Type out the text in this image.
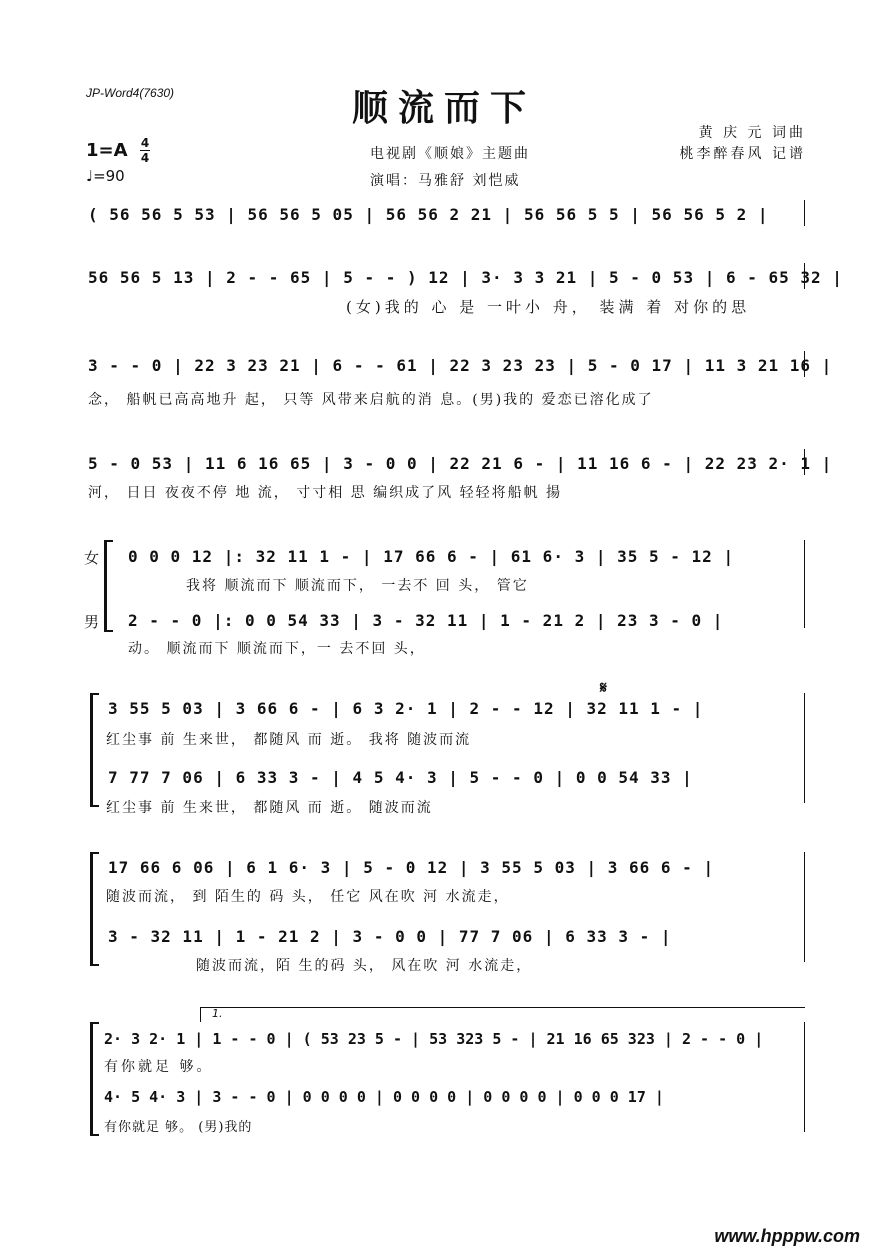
JP-Word4(7630)	顺流而下
黄 庆 元 词曲
桃李醉春风 记谱
电视剧《顺娘》主题曲
演唱：马雅舒 刘恺威
1=A 4
4
♩=90
( 56 56 5 53 | 56 56 5 05 | 56 56 2 21 | 56 56 5 5 | 56 56 5 2 |
56 56 5 13 | 2 - - 65 | 5 - - ) 12 | 3· 3 3 21 | 5 - 0 53 | 6 - 65 32 |
(女)我的 心 是 一叶小 舟， 装满 着 对你的思
3 - - 0 | 22 3 23 21 | 6 - - 61 | 22 3 23 23 | 5 - 0 17 | 11 3 21 16 |
念， 船帆已高高地升 起， 只等 风带来启航的消 息。(男)我的 爱恋已溶化成了
5 - 0 53 | 11 6 16 65 | 3 - 0 0 | 22 21 6 - | 11 16 6 - | 22 23 2· 1 |
河， 日日 夜夜不停 地 流， 寸寸相 思 编织成了风 轻轻将船帆 揚
女
男
0 0 0 12 |: 32 11 1 - | 17 66 6 - | 61 6· 3 | 35 5 - 12 |
我将 顺流而下 顺流而下， 一去不 回 头， 管它
2 - - 0 |: 0 0 54 33 | 3 - 32 11 | 1 - 21 2 | 23 3 - 0 |
动。 顺流而下 顺流而下，一 去不回 头，
𝄋
3 55 5 03 | 3 66 6 - | 6 3 2· 1 | 2 - - 12 | 32 11 1 - |
红尘事 前 生来世， 都随风 而 逝。 我将 随波而流
7 77 7 06 | 6 33 3 - | 4 5 4· 3 | 5 - - 0 | 0 0 54 33 |
红尘事 前 生来世， 都随风 而 逝。 随波而流
17 66 6 06 | 6 1 6· 3 | 5 - 0 12 | 3 55 5 03 | 3 66 6 - |
随波而流， 到 陌生的 码 头， 任它 风在吹 河 水流走，
3 - 32 11 | 1 - 21 2 | 3 - 0 0 | 77 7 06 | 6 33 3 - |
随波而流，陌 生的码 头， 风在吹 河 水流走，
1.
2· 3 2· 1 | 1 - - 0 | ( 53 23 5 - | 53 323 5 - | 21 16 65 323 | 2 - - 0 |
有你就足 够。
4· 5 4· 3 | 3 - - 0 | 0 0 0 0 | 0 0 0 0 | 0 0 0 0 | 0 0 0 17 |
有你就足 够。 (男)我的
www.hpppw.com
